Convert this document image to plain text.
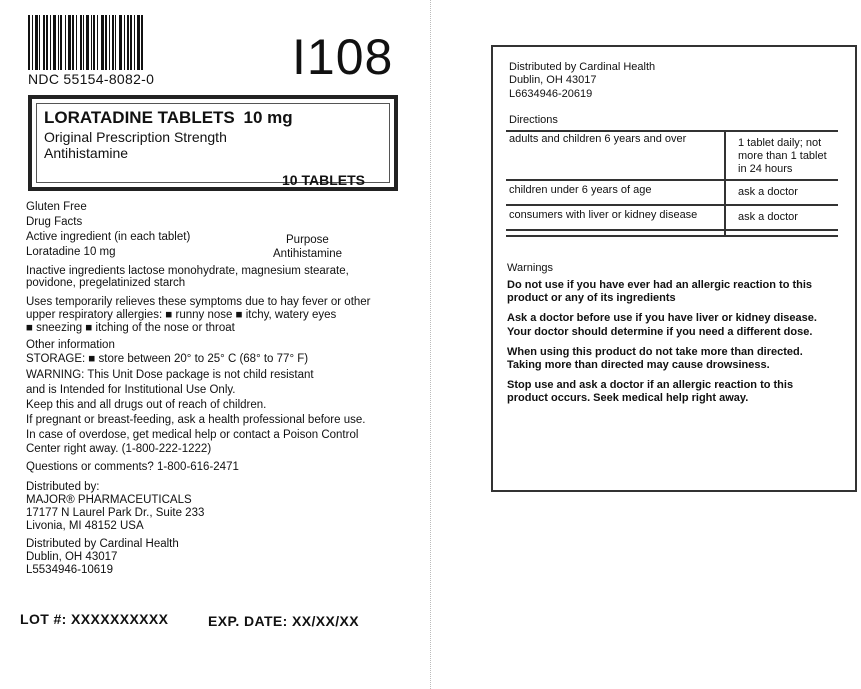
NDC 55154-8082-0	I108
LORATADINE TABLETS 10 mg
Original Prescription Strength
Antihistamine
10 TABLETS
Gluten Free
Drug Facts
Active ingredient (in each tablet)	Purpose
Loratadine 10 mg	Antihistamine
Inactive ingredients lactose monohydrate, magnesium stearate,
povidone, pregelatinized starch
Uses temporarily relieves these symptoms due to hay fever or other
upper respiratory allergies: ■ runny nose ■ itchy, watery eyes
■ sneezing ■ itching of the nose or throat
Other information
STORAGE: ■ store between 20° to 25° C (68° to 77° F)
WARNING: This Unit Dose package is not child resistant
and is Intended for Institutional Use Only.
Keep this and all drugs out of reach of children.
If pregnant or breast-feeding, ask a health professional before use.
In case of overdose, get medical help or contact a Poison Control
Center right away. (1-800-222-1222)
Questions or comments? 1-800-616-2471
Distributed by:
MAJOR® PHARMACEUTICALS
17177 N Laurel Park Dr., Suite 233
Livonia, MI 48152 USA
Distributed by Cardinal Health
Dublin, OH 43017
L5534946-10619
LOT #: XXXXXXXXXX	EXP. DATE: XX/XX/XX
Distributed by Cardinal Health
Dublin, OH 43017
L6634946-20619
Directions
adults and children 6 years and over	1 tablet daily; not
more than 1 tablet
in 24 hours
children under 6 years of age	ask a doctor
consumers with liver or kidney disease	ask a doctor
Warnings
Do not use if you have ever had an allergic reaction to this
product or any of its ingredients
Ask a doctor before use if you have liver or kidney disease.
Your doctor should determine if you need a different dose.
When using this product do not take more than directed.
Taking more than directed may cause drowsiness.
Stop use and ask a doctor if an allergic reaction to this
product occurs. Seek medical help right away.
